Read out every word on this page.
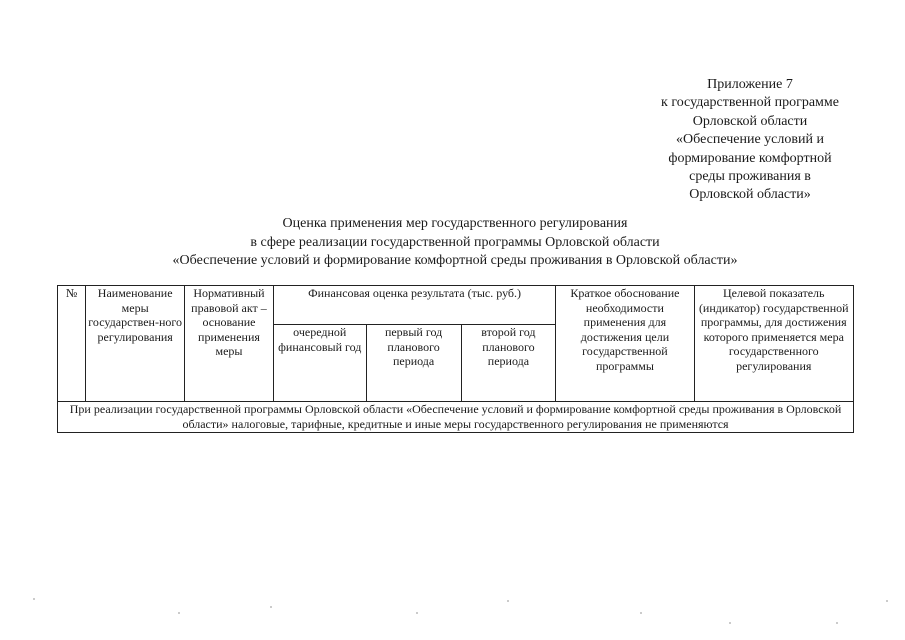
Приложение 7
к государственной программе
Орловской области
«Обеспечение условий и
формирование комфортной
среды проживания в
Орловской области»
Оценка применения мер государственного регулирования
в сфере реализации государственной программы Орловской области
«Обеспечение условий и формирование комфортной среды проживания в Орловской области»
№	Наименование меры государствен-ного регулирования	Нормативный правовой акт – основание применения меры	Финансовая оценка результата (тыс. руб.)			Краткое обоснование необходимости применения для достижения цели государственной программы	Целевой показатель (индикатор) государственной программы, для достижения которого применяется мера государственного регулирования
			очередной финансовый год	первый год планового периода	второй год планового периода		
При реализации государственной программы Орловской области «Обеспечение условий и формирование комфортной среды проживания в Орловской области» налоговые, тарифные, кредитные и иные меры государственного регулирования не применяются							
